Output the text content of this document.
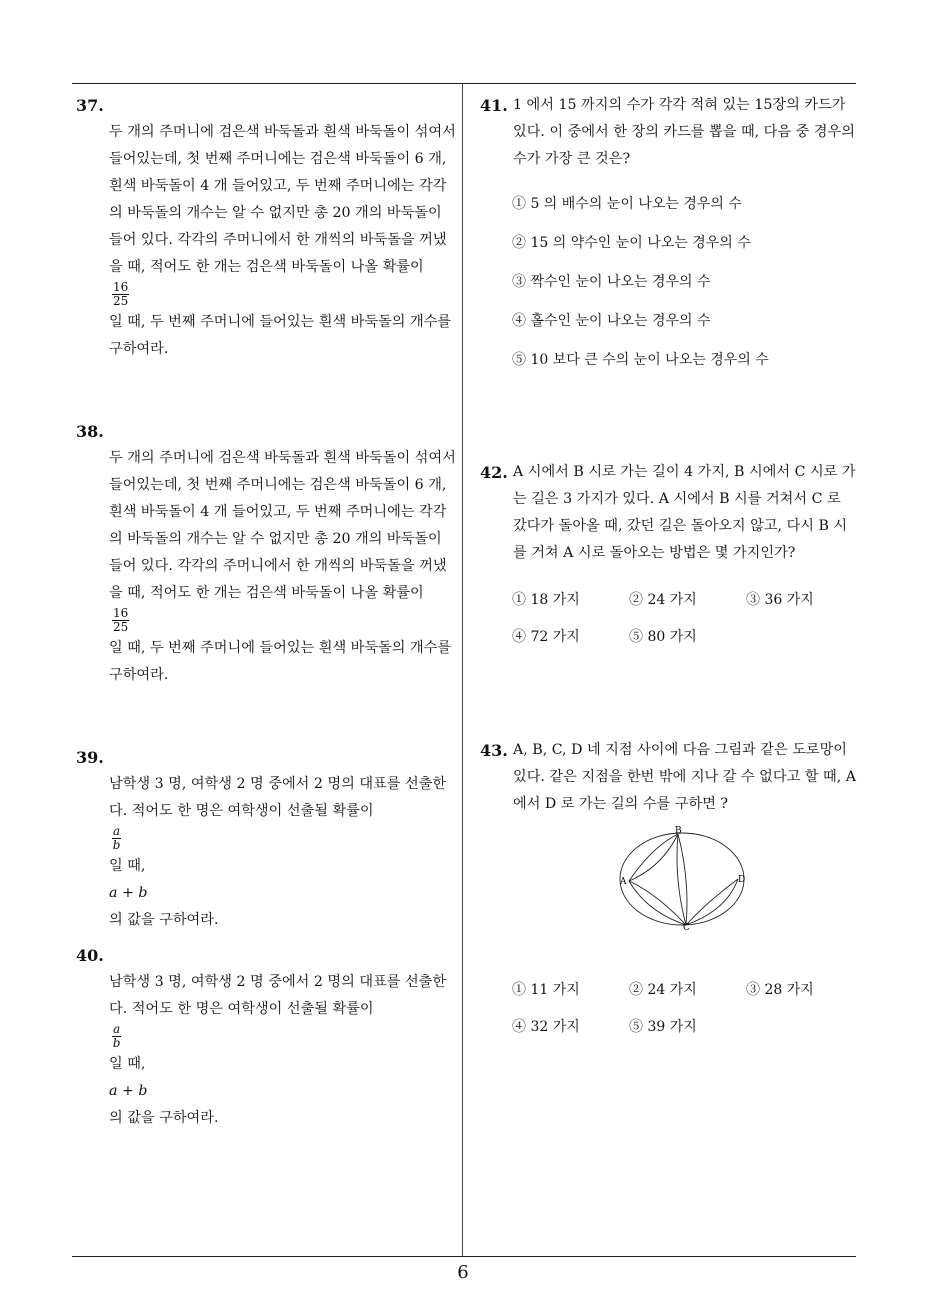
37.

두 개의 주머니에 검은색 바둑돌과 흰색 바둑돌이 섞여서 들어있는데, 첫 번째 주머니에는 검은색 바둑돌이 6 개, 흰색 바둑돌이 4 개 들어있고, 두 번째 주머니에는 각각의 바둑돌의 개수는 알 수 없지만 총 20 개의 바둑돌이 들어 있다. 각각의 주머니에서 한 개씩의 바둑돌을 꺼냈을 때, 적어도 한 개는 검은색 바둑돌이 나올 확률이

$\frac{16}{25}$

일 때, 두 번째 주머니에 들어있는 흰색 바둑돌의 개수를 구하여라.

38.

두 개의 주머니에 검은색 바둑돌과 흰색 바둑돌이 섞여서 들어있는데, 첫 번째 주머니에는 검은색 바둑돌이 6 개, 흰색 바둑돌이 4 개 들어있고, 두 번째 주머니에는 각각의 바둑돌의 개수는 알 수 없지만 총 20 개의 바둑돌이 들어 있다. 각각의 주머니에서 한 개씩의 바둑돌을 꺼냈을 때, 적어도 한 개는 검은색 바둑돌이 나올 확률이

$\frac{16}{25}$

일 때, 두 번째 주머니에 들어있는 흰색 바둑돌의 개수를 구하여라.

39.

남학생 3 명, 여학생 2 명 중에서 2 명의 대표를 선출한다. 적어도 한 명은 여학생이 선출될 확률이

$\frac{a}{b}$

일 때,
a + b
의 값을 구하여라.

40.

남학생 3 명, 여학생 2 명 중에서 2 명의 대표를 선출한다. 적어도 한 명은 여학생이 선출될 확률이

$\frac{a}{b}$

일 때,
a + b
의 값을 구하여라.

41. 1 에서 15 까지의 수가 각각 적혀 있는 15장의 카드가 있다. 이 중에서 한 장의 카드를 뽑을 때, 다음 중 경우의 수가 가장 큰 것은?
① 5 의 배수의 눈이 나오는 경우의 수
② 15 의 약수인 눈이 나오는 경우의 수
③ 짝수인 눈이 나오는 경우의 수
④ 홀수인 눈이 나오는 경우의 수
⑤ 10 보다 큰 수의 눈이 나오는 경우의 수
42. A 시에서 B 시로 가는 길이 4 가지, B 시에서 C 시로 가는 길은 3 가지가 있다. A 시에서 B 시를 거쳐서 C 로 갔다가 돌아올 때, 갔던 길은 돌아오지 않고, 다시 B 시를 거쳐 A 시로 돌아오는 방법은 몇 가지인가?
① 18 가지	② 24 가지	③ 36 가지
④ 72 가지	⑤ 80 가지
43. A, B, C, D 네 지점 사이에 다음 그림과 같은 도로망이 있다. 같은 지점을 한번 밖에 지나 갈 수 없다고 할 때, A 에서 D 로 가는 길의 수를 구하면 ?
B
A	D
C
① 11 가지	② 24 가지	③ 28 가지
④ 32 가지	⑤ 39 가지
6
